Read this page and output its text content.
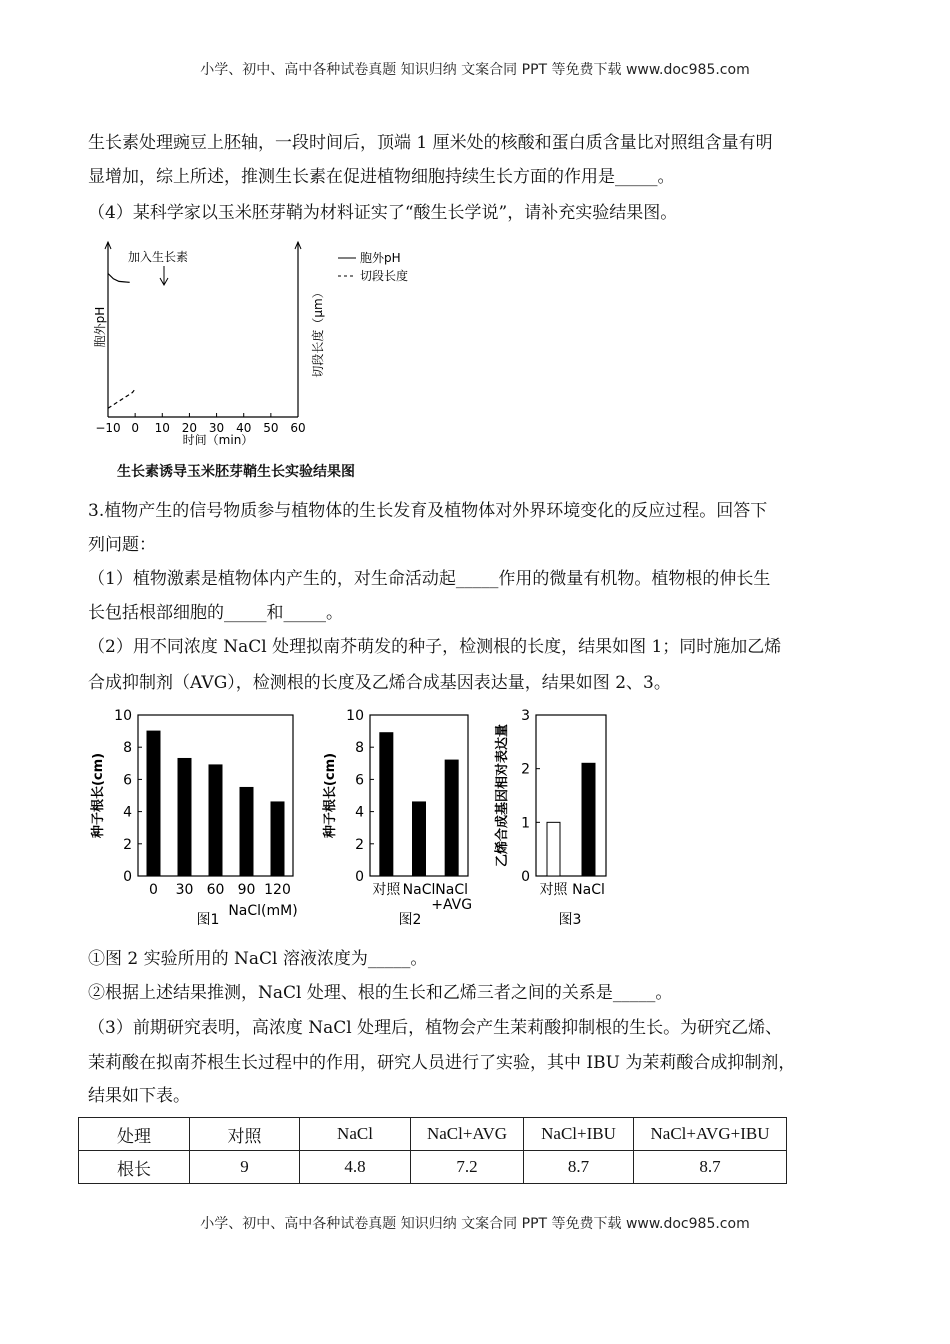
小学、初中、高中各种试卷真题 知识归纳 文案合同 PPT 等免费下载 www.doc985.com
生长素处理豌豆上胚轴，一段时间后，顶端 1 厘米处的核酸和蛋白质含量比对照组含量有明
显增加，综上所述，推测生长素在促进植物细胞持续生长方面的作用是_____。
（4）某科学家以玉米胚芽鞘为材料证实了“酸生长学说”，请补充实验结果图。
−10 0 10 20 30 40 50 60
时间（min）
胞外pH	切段长度（μm）
加入生长素	胞外pH
切段长度
生长素诱导玉米胚芽鞘生长实验结果图
3.植物产生的信号物质参与植物体的生长发育及植物体对外界环境变化的反应过程。回答下
列问题：
（1）植物激素是植物体内产生的，对生命活动起_____作用的微量有机物。植物根的伸长生
长包括根部细胞的_____和_____。
（2）用不同浓度 NaCl 处理拟南芥萌发的种子，检测根的长度，结果如图 1；同时施加乙烯
合成抑制剂（AVG），检测根的长度及乙烯合成基因表达量，结果如图 2、3。
0
2
4
6
8
10
0 30 60 90 120
种子根长(cm)
NaCl(mM)
图1
0
2
4
6
8
10
对照 NaCl NaCl
+AVG
种子根长(cm)
图2
0
1
2
3
对照 NaCl
乙烯合成基因相对表达量
图3
①图 2 实验所用的 NaCl 溶液浓度为_____。
②根据上述结果推测，NaCl 处理、根的生长和乙烯三者之间的关系是_____。
（3）前期研究表明，高浓度 NaCl 处理后，植物会产生茉莉酸抑制根的生长。为研究乙烯、
茉莉酸在拟南芥根生长过程中的作用，研究人员进行了实验，其中 IBU 为茉莉酸合成抑制剂，
结果如下表。
处理	对照	NaCl	NaCl+AVG	NaCl+IBU	NaCl+AVG+IBU
根长	9	4.8	7.2	8.7	8.7
小学、初中、高中各种试卷真题 知识归纳 文案合同 PPT 等免费下载 www.doc985.com
